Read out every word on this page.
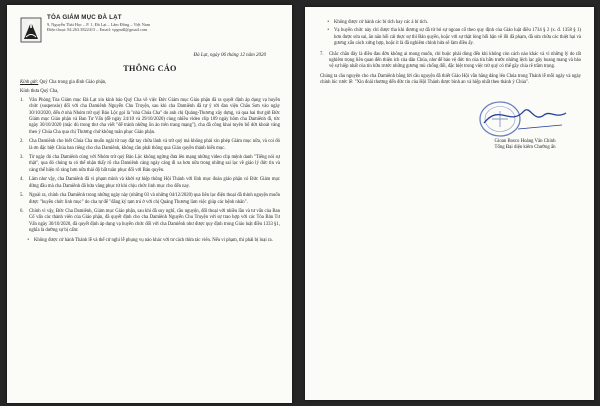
TÒA GIÁM MỤC ĐÀ LẠT
9, Nguyễn Thái Học – P. 1, Đà Lạt – Lâm Đồng – Việt Nam
Điện thoại: 84.263.3822415 – Email: vpgmdl@gmail.com
Đà Lạt, ngày 06 tháng 12 năm 2020
THÔNG CÁO
Kính gửi: Quý Cha trong gia đình Giáo phận,
Kính thưa Quý Cha,
1.	Văn Phòng Tòa Giám mục Đà Lạt xin kính báo Quý Cha về việc Đức Giám mục Giáo phận đã ra quyết định áp dụng vạ huyền chức (suspensio) đối với cha Damiênh Nguyễn Chu Truyện, sau khi cha Damiênh đã tự ý rời đan viện Châu Sơn vào ngày 30/10/2020, đến ở nhà Nhóm trừ quỷ Bảo Lộc gọi là "nhà Chúa Cha" do anh chị Quảng-Thương xây dựng, và qua hai thư gửi Đức Giám mục Giáo phận và Ban Tư Vấn (đề ngày 24/10 và 29/10/2020) cùng nhiều video clip 109 ngày hôm cha Damiênh đi, tức ngày 30/10/2020 (mặc dù trong thư cha viết "để tránh những ồn ào trên trang mạng"), cha đã công khai tuyên bố dứt khoát vâng theo ý Chúa Cha qua chị Thương chứ không tuân phục Giáo phận.
2.	Cha Damiênh cho biết Chúa Cha muốn ngài từ nay đặt tay chữa lành và trừ quỷ mà không phải xin phép Giám mục nữa, và coi đó là ơn đặc biệt Chúa ban riêng cho cha Damiênh, không cần phải thông qua Giáo quyền thánh hiến mục.
3.	Từ ngày đó cha Damiênh cùng với Nhóm trừ quỷ Bảo Lộc không ngừng đưa lên mạng những video clip mệnh danh "Tiếng nói sự thật", qua đó chúng ta có thể nhận thấy rõ cha Damiênh càng ngày càng đi xa hơn nữa trong những sai lạc về giáo lý đức tin và càng thể hiện rõ ràng hơn nữa thái độ bất tuân phục đối với Bản quyền.
4.	Lâm như vậy, cha Damiênh đã vi phạm mình và khởi sự hiệp thông Hội Thánh với lĩnh mục đoàn giáo phận có Đức Giám mục đứng đầu mà cha Damiênh đã hứa vâng phục từ khi chịu chức linh mục cho đến nay.
5.	Ngoài ra, chính cha Damiênh trong những ngày này (những 03 và những 04/12/2020) qua liên lạc điện thoại đã thỉnh nguyện muốn được "huyền chức linh mục" do cha tự để "đăng ký tạm trú ở với chị Quảng Thương làm việc giúp các bệnh nhân".
6.	Chính vì vậy, Đức Cha Damiênh, Giám mục Giáo phận, sau khi đã suy nghĩ, cầu nguyện, đối thoại với nhiều lần và tư vấn của Ban Cố vấn các thành viên của Giáo phận, đã quyết định cho cha Damiênh Nguyễn Chu Truyện với sự trao hợp với các Tòa Bản Tư Vấn ngày 30/10/2020, đã quyết định áp dụng vạ huyền chức đối với cha Damiênh như được quy định trong Giáo luật điều 1333 §1, nghĩa là dường sự bị cấm:
•	Không được cử hành Thánh lễ và thể cử nghi lễ phụng vụ nào khác với tư cách thừa tác viên. Nếu vi phạm, thì phải bị loại ra.
•	Không được cử hành các bí tích hay các á bí tích.
•	Vạ huyền chức này chỉ được tha khi đương sự đã từ bỏ sự ngoan cố theo quy định của Giáo luật điều 1734 § 2 (x. đ. 1358 § 1) hơn được sửa sai, ăn năn hối cải thực sự thì Bản quyền, hoặc với sự thật lòng hối hận về lỗi đã phạm, đã sửa chữa các thiệt hại và gương xấu cách xứng hợp, hoặc ít là đã nghiêm chỉnh hứa sẽ làm điều ấy.
7.	Chắc chắn đây là điều đau đớn không ai mong muốn, chỉ buộc phải dùng đến khi không còn cách nào khác và vì những lý do rất nghiêm trọng liên quan đến thiện ích của dân Chúa, như để bảo vệ đức tin của tín hữu trước những lệch lạc gây hoang mang và bảo vệ sự hiệp nhất của tín hữu trước những gương mù chống đối, đặc biệt trong việc trừ quỷ có thể gây chia rẽ trầm trọng.
Chúng ta cầu nguyện cho cha Damiênh bằng lời cầu nguyện đã thiết Giáo Hội vẫn hằng dâng lên Chúa trong Thánh lễ mỗi ngày và ngày chính lúc rước lễ: "Xin đoái thương đến đức tin của Hội Thánh được bình an và hiệp nhất theo thánh ý Chúa".
Gioan Bosco Hoàng Văn Chính
Tổng Đại diện kiêm Chưởng ấn
